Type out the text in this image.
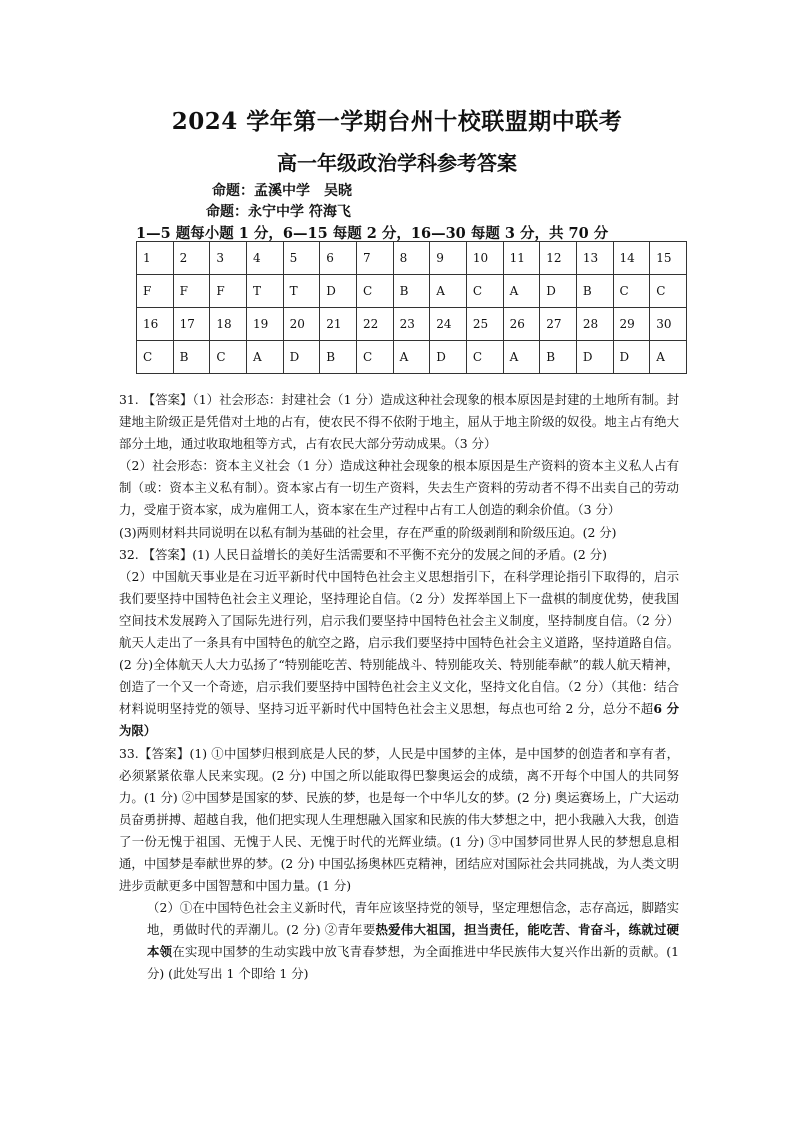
2024 学年第一学期台州十校联盟期中联考
高一年级政治学科参考答案
命题：孟溪中学　吴晓
命题：永宁中学 符海飞
1—5 题每小题 1 分，6—15 每题 2 分，16—30 每题 3 分，共 70 分
1	2	3	4	5	6	7	8	9	10	11	12	13	14	15
F	F	F	T	T	D	C	B	A	C	A	D	B	C	C
16	17	18	19	20	21	22	23	24	25	26	27	28	29	30
C	B	C	A	D	B	C	A	D	C	A	B	D	D	A

31. 【答案】（1）社会形态：封建社会（1 分）造成这种社会现象的根本原因是封建的土地所有制。封建地主阶级正是凭借对土地的占有，使农民不得不依附于地主，屈从于地主阶级的奴役。地主占有绝大部分土地，通过收取地租等方式，占有农民大部分劳动成果。（3 分）

（2）社会形态：资本主义社会（1 分）造成这种社会现象的根本原因是生产资料的资本主义私人占有制（或：资本主义私有制）。资本家占有一切生产资料，失去生产资料的劳动者不得不出卖自己的劳动力，受雇于资本家，成为雇佣工人，资本家在生产过程中占有工人创造的剩余价值。（3 分）

(3)两则材料共同说明在以私有制为基础的社会里，存在严重的阶级剥削和阶级压迫。(2 分)

32. 【答案】(1) 人民日益增长的美好生活需要和不平衡不充分的发展之间的矛盾。(2 分)

（2）中国航天事业是在习近平新时代中国特色社会主义思想指引下，在科学理论指引下取得的，启示我们要坚持中国特色社会主义理论，坚持理论自信。（2 分）发挥举国上下一盘棋的制度优势，使我国空间技术发展跨入了国际先进行列，启示我们要坚持中国特色社会主义制度，坚持制度自信。（2 分）航天人走出了一条具有中国特色的航空之路，启示我们要坚持中国特色社会主义道路，坚持道路自信。(2 分)全体航天人大力弘扬了“特别能吃苦、特别能战斗、特别能攻关、特别能奉献”的载人航天精神，创造了一个又一个奇迹，启示我们要坚持中国特色社会主义文化，坚持文化自信。（2 分）（其他：结合材料说明坚持党的领导、坚持习近平新时代中国特色社会主义思想，每点也可给 2 分，总分不超6 分为限）

33.【答案】(1) ①中国梦归根到底是人民的梦，人民是中国梦的主体，是中国梦的创造者和享有者，必须紧紧依靠人民来实现。(2 分) 中国之所以能取得巴黎奥运会的成绩，离不开每个中国人的共同努力。(1 分) ②中国梦是国家的梦、民族的梦，也是每一个中华儿女的梦。(2 分) 奥运赛场上，广大运动员奋勇拼搏、超越自我，他们把实现人生理想融入国家和民族的伟大梦想之中，把小我融入大我，创造了一份无愧于祖国、无愧于人民、无愧于时代的光辉业绩。(1 分) ③中国梦同世界人民的梦想息息相通，中国梦是奉献世界的梦。(2 分) 中国弘扬奥林匹克精神，团结应对国际社会共同挑战，为人类文明进步贡献更多中国智慧和中国力量。(1 分)

（2）①在中国特色社会主义新时代，青年应该坚持党的领导，坚定理想信念，志存高远，脚踏实地，勇做时代的弄潮儿。(2 分) ②青年要热爱伟大祖国，担当责任，能吃苦、肯奋斗，练就过硬本领在实现中国梦的生动实践中放飞青春梦想，为全面推进中华民族伟大复兴作出新的贡献。(1 分) (此处写出 1 个即给 1 分)
